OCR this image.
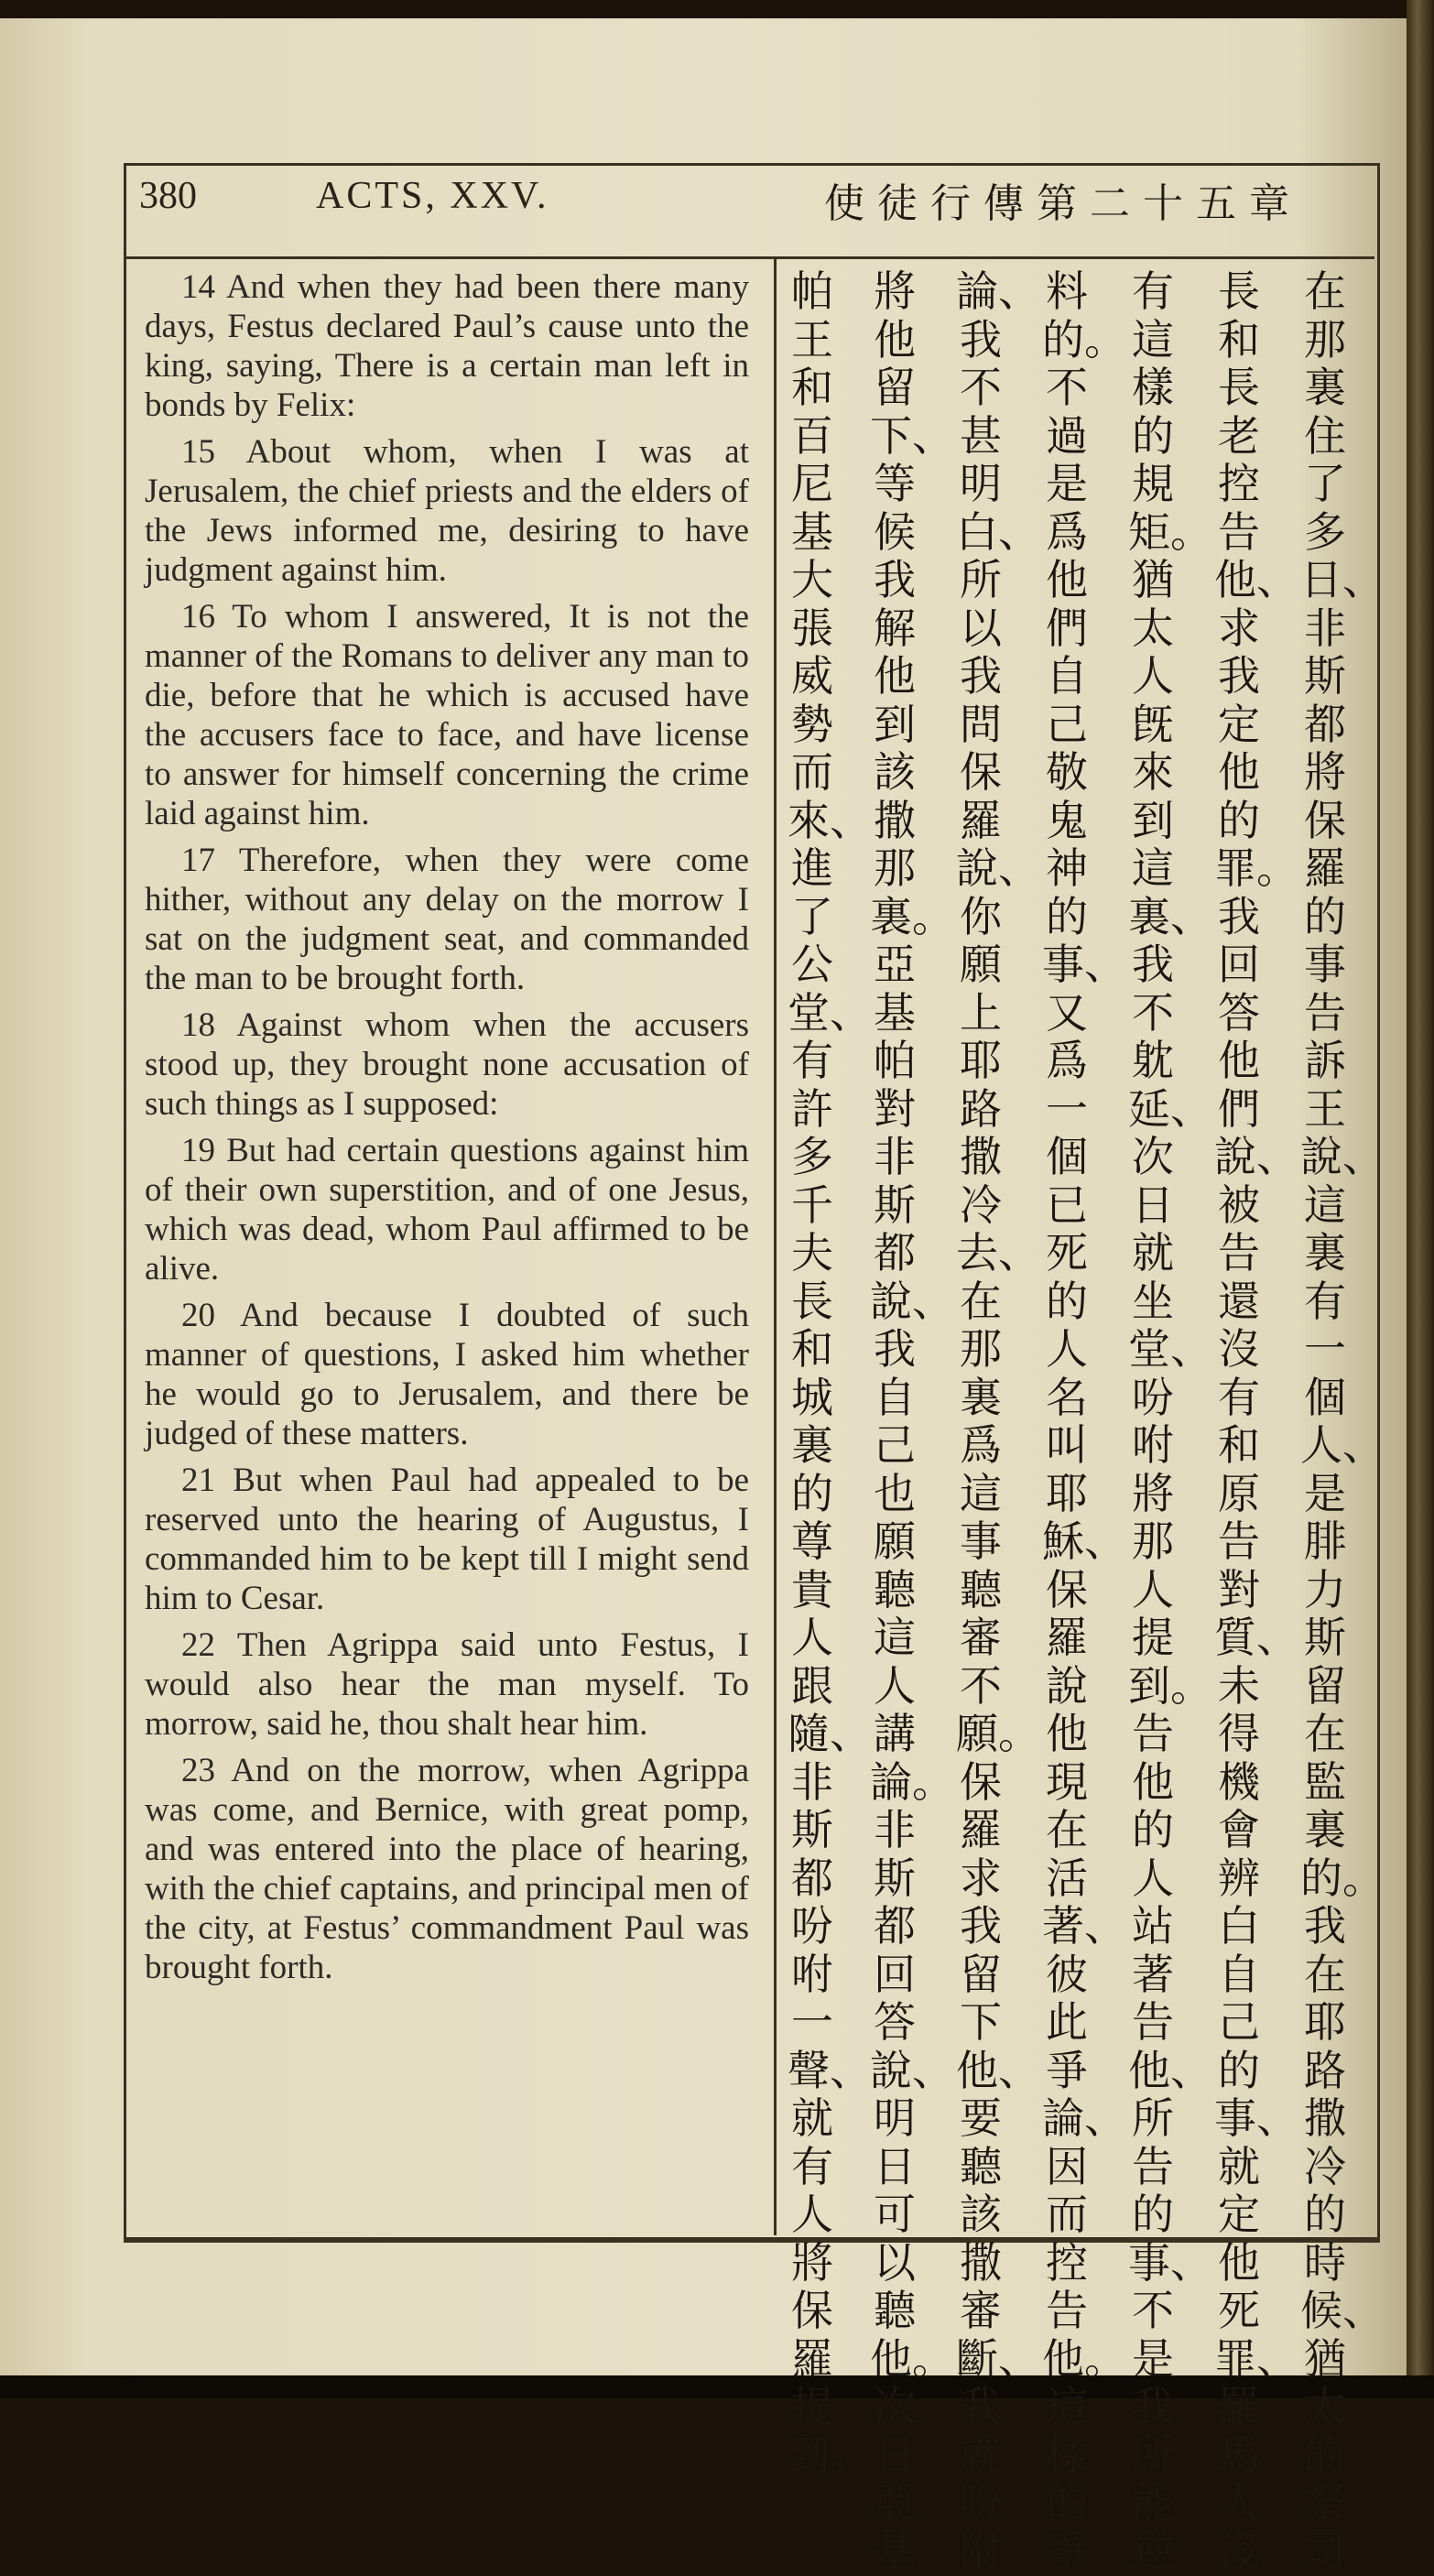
380	ACTS, XXV.	使徒行傳第二十五章

14 And when they had been there many days, Festus declared Paul’s cause unto the king, saying, There is a certain man left in bonds by Felix:

15 About whom, when I was at Jerusalem, the chief priests and the elders of the Jews informed me, desiring to have judgment against him.

16 To whom I answered, It is not the manner of the Romans to deliver any man to die, before that he which is accused have the accusers face to face, and have license to answer for himself concerning the crime laid against him.

17 Therefore, when they were come hither, without any delay on the morrow I sat on the judgment seat, and commanded the man to be brought forth.

18 Against whom when the accusers stood up, they brought none accusation of such things as I supposed:

19 But had certain questions against him of their own superstition, and of one Jesus, which was dead, whom Paul affirmed to be alive.

20 And because I doubted of such manner of questions, I asked him whether he would go to Jerusalem, and there be judged of these matters.

21 But when Paul had appealed to be reserved unto the hearing of Augustus, I commanded him to be kept till I might send him to Cesar.

22 Then Agrippa said unto Festus, I would also hear the man myself. To morrow, said he, thou shalt hear him.

23 And on the morrow, when Agrippa was come, and Bernice, with great pomp, and was entered into the place of hearing, with the chief captains, and principal men of the city, at Festus’ commandment Paul was brought forth.

在那裏住了多日、非斯都將保羅的事告訴王說、這裏有一個人、是腓力斯留在監裏的。我在耶路撒冷的時候、猶太的祭司
長和長老控告他、求我定他的罪。我回答他們說、被告還沒有和原告對質、未得機會辨白自己的事、就定他死罪、羅馬人沒
有這樣的規矩。猶太人旣來到這裏、我不躭延、次日就坐堂、吩咐將那人提到。告他的人站著告他、所告的事、不是我所能逆
料的。不過是爲他們自己敬鬼神的事、又爲一個已死的人名叫耶穌、保羅說他現在活著、彼此爭論、因而控告他。這樣的爭
論、我不甚明白、所以我問保羅說、你願上耶路撒冷去、在那裏爲這事聽審不願。保羅求我留下他、要聽該撒審斷、我就吩附
將他留下、等候我解他到該撒那裏。亞基帕對非斯都說、我自己也願聽這人講論。非斯都回答說、明日可以聽他。次日亞基
帕王和百尼基大張威勢而來、進了公堂、有許多千夫長和城裏的尊貴人跟隨、非斯都吩咐一聲、就有人將保羅提到。
